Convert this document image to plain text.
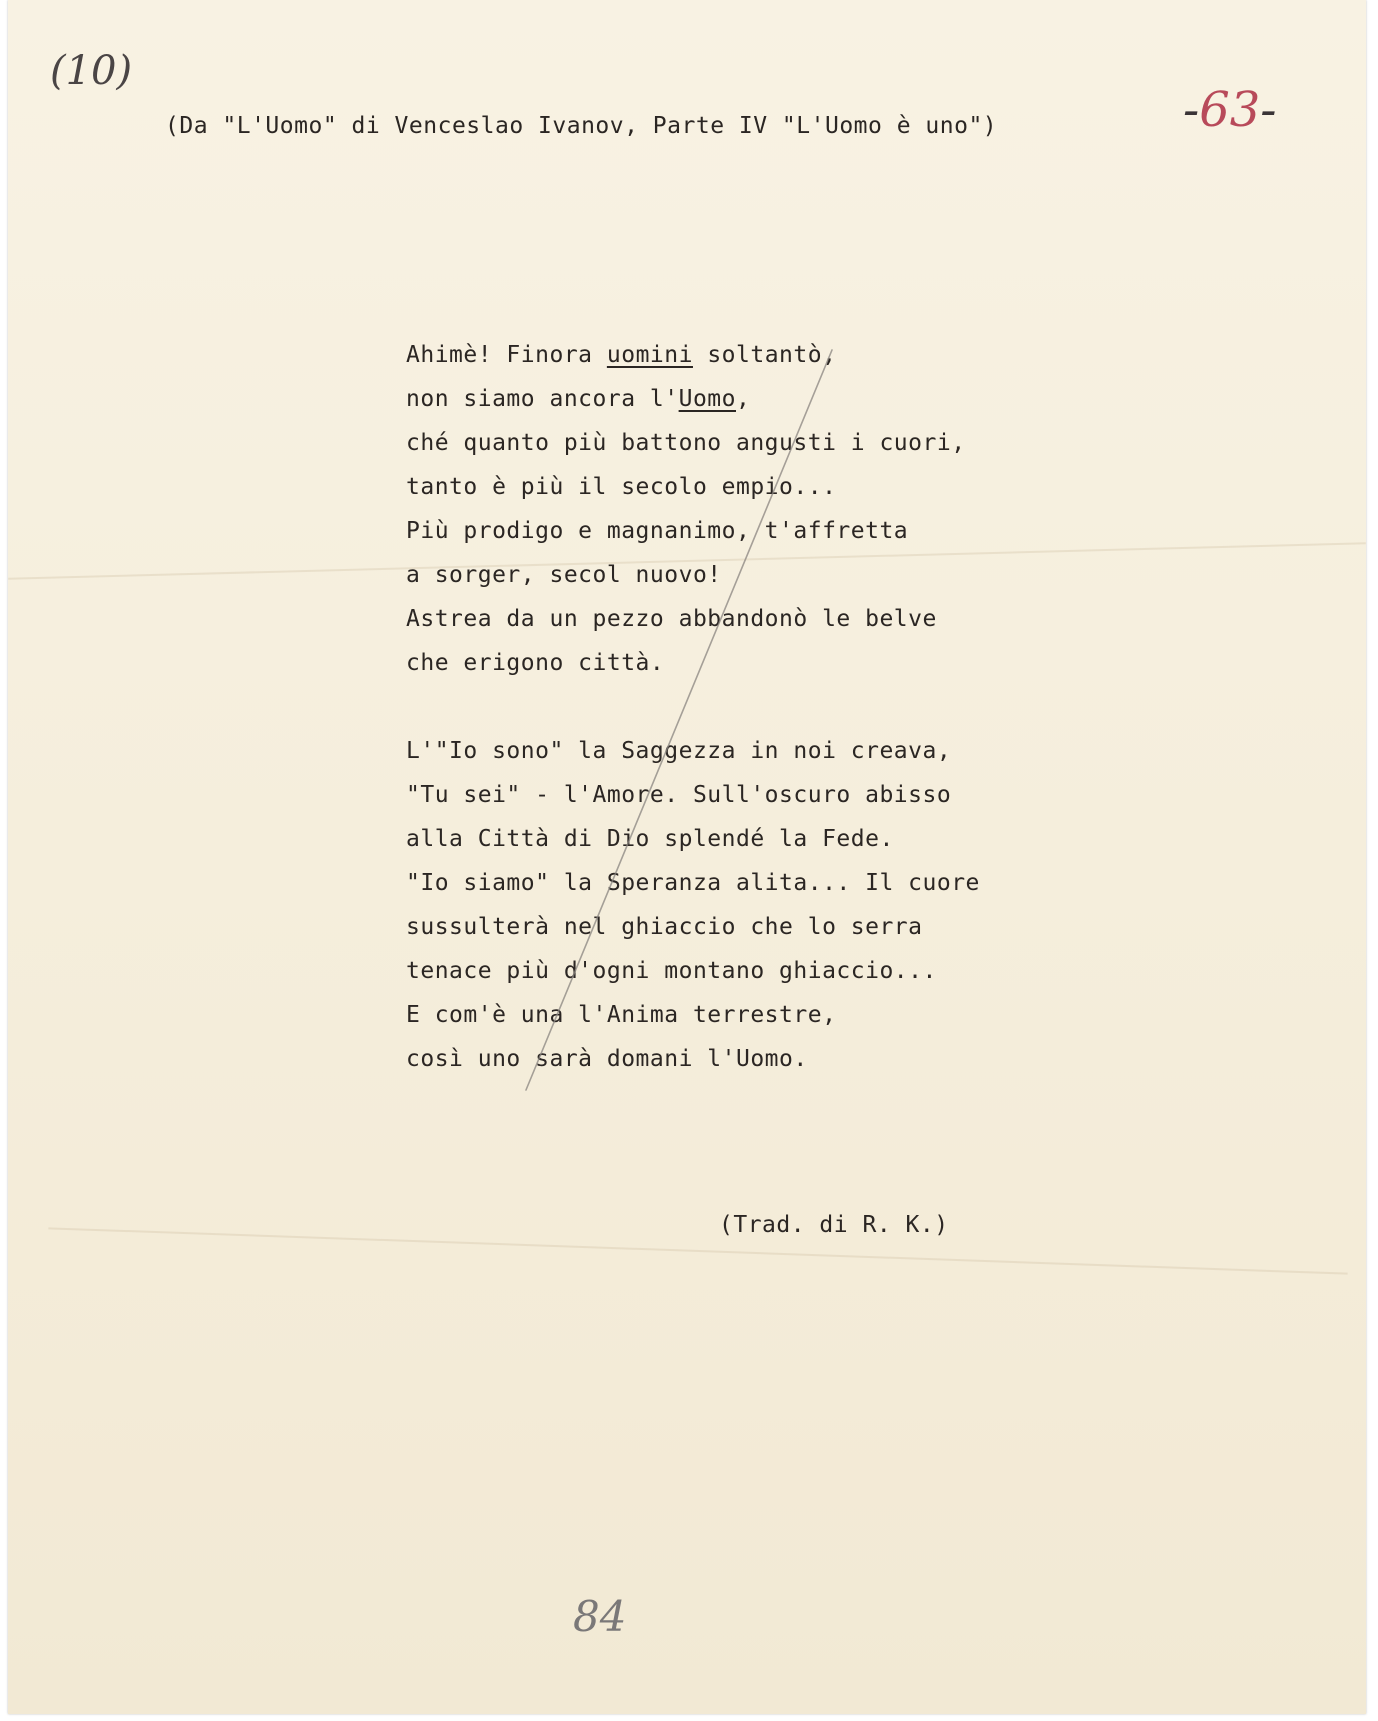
(10)
-63-
(Da "L'Uomo" di Venceslao Ivanov, Parte IV "L'Uomo è uno")
Ahimè! Finora uomini soltantò,
non siamo ancora l'Uomo,
ché quanto più battono angusti i cuori,
tanto è più il secolo empio...
Più prodigo e magnanimo, t'affretta
a sorger, secol nuovo!
Astrea da un pezzo abbandonò le belve
che erigono città.
L'"Io sono" la Saggezza in noi creava,
"Tu sei" - l'Amore. Sull'oscuro abisso
alla Città di Dio splendé la Fede.
"Io siamo" la Speranza alita... Il cuore
sussulterà nel ghiaccio che lo serra
tenace più d'ogni montano ghiaccio...
E com'è una l'Anima terrestre,
così uno sarà domani l'Uomo.
(Trad. di R. K.)
84
